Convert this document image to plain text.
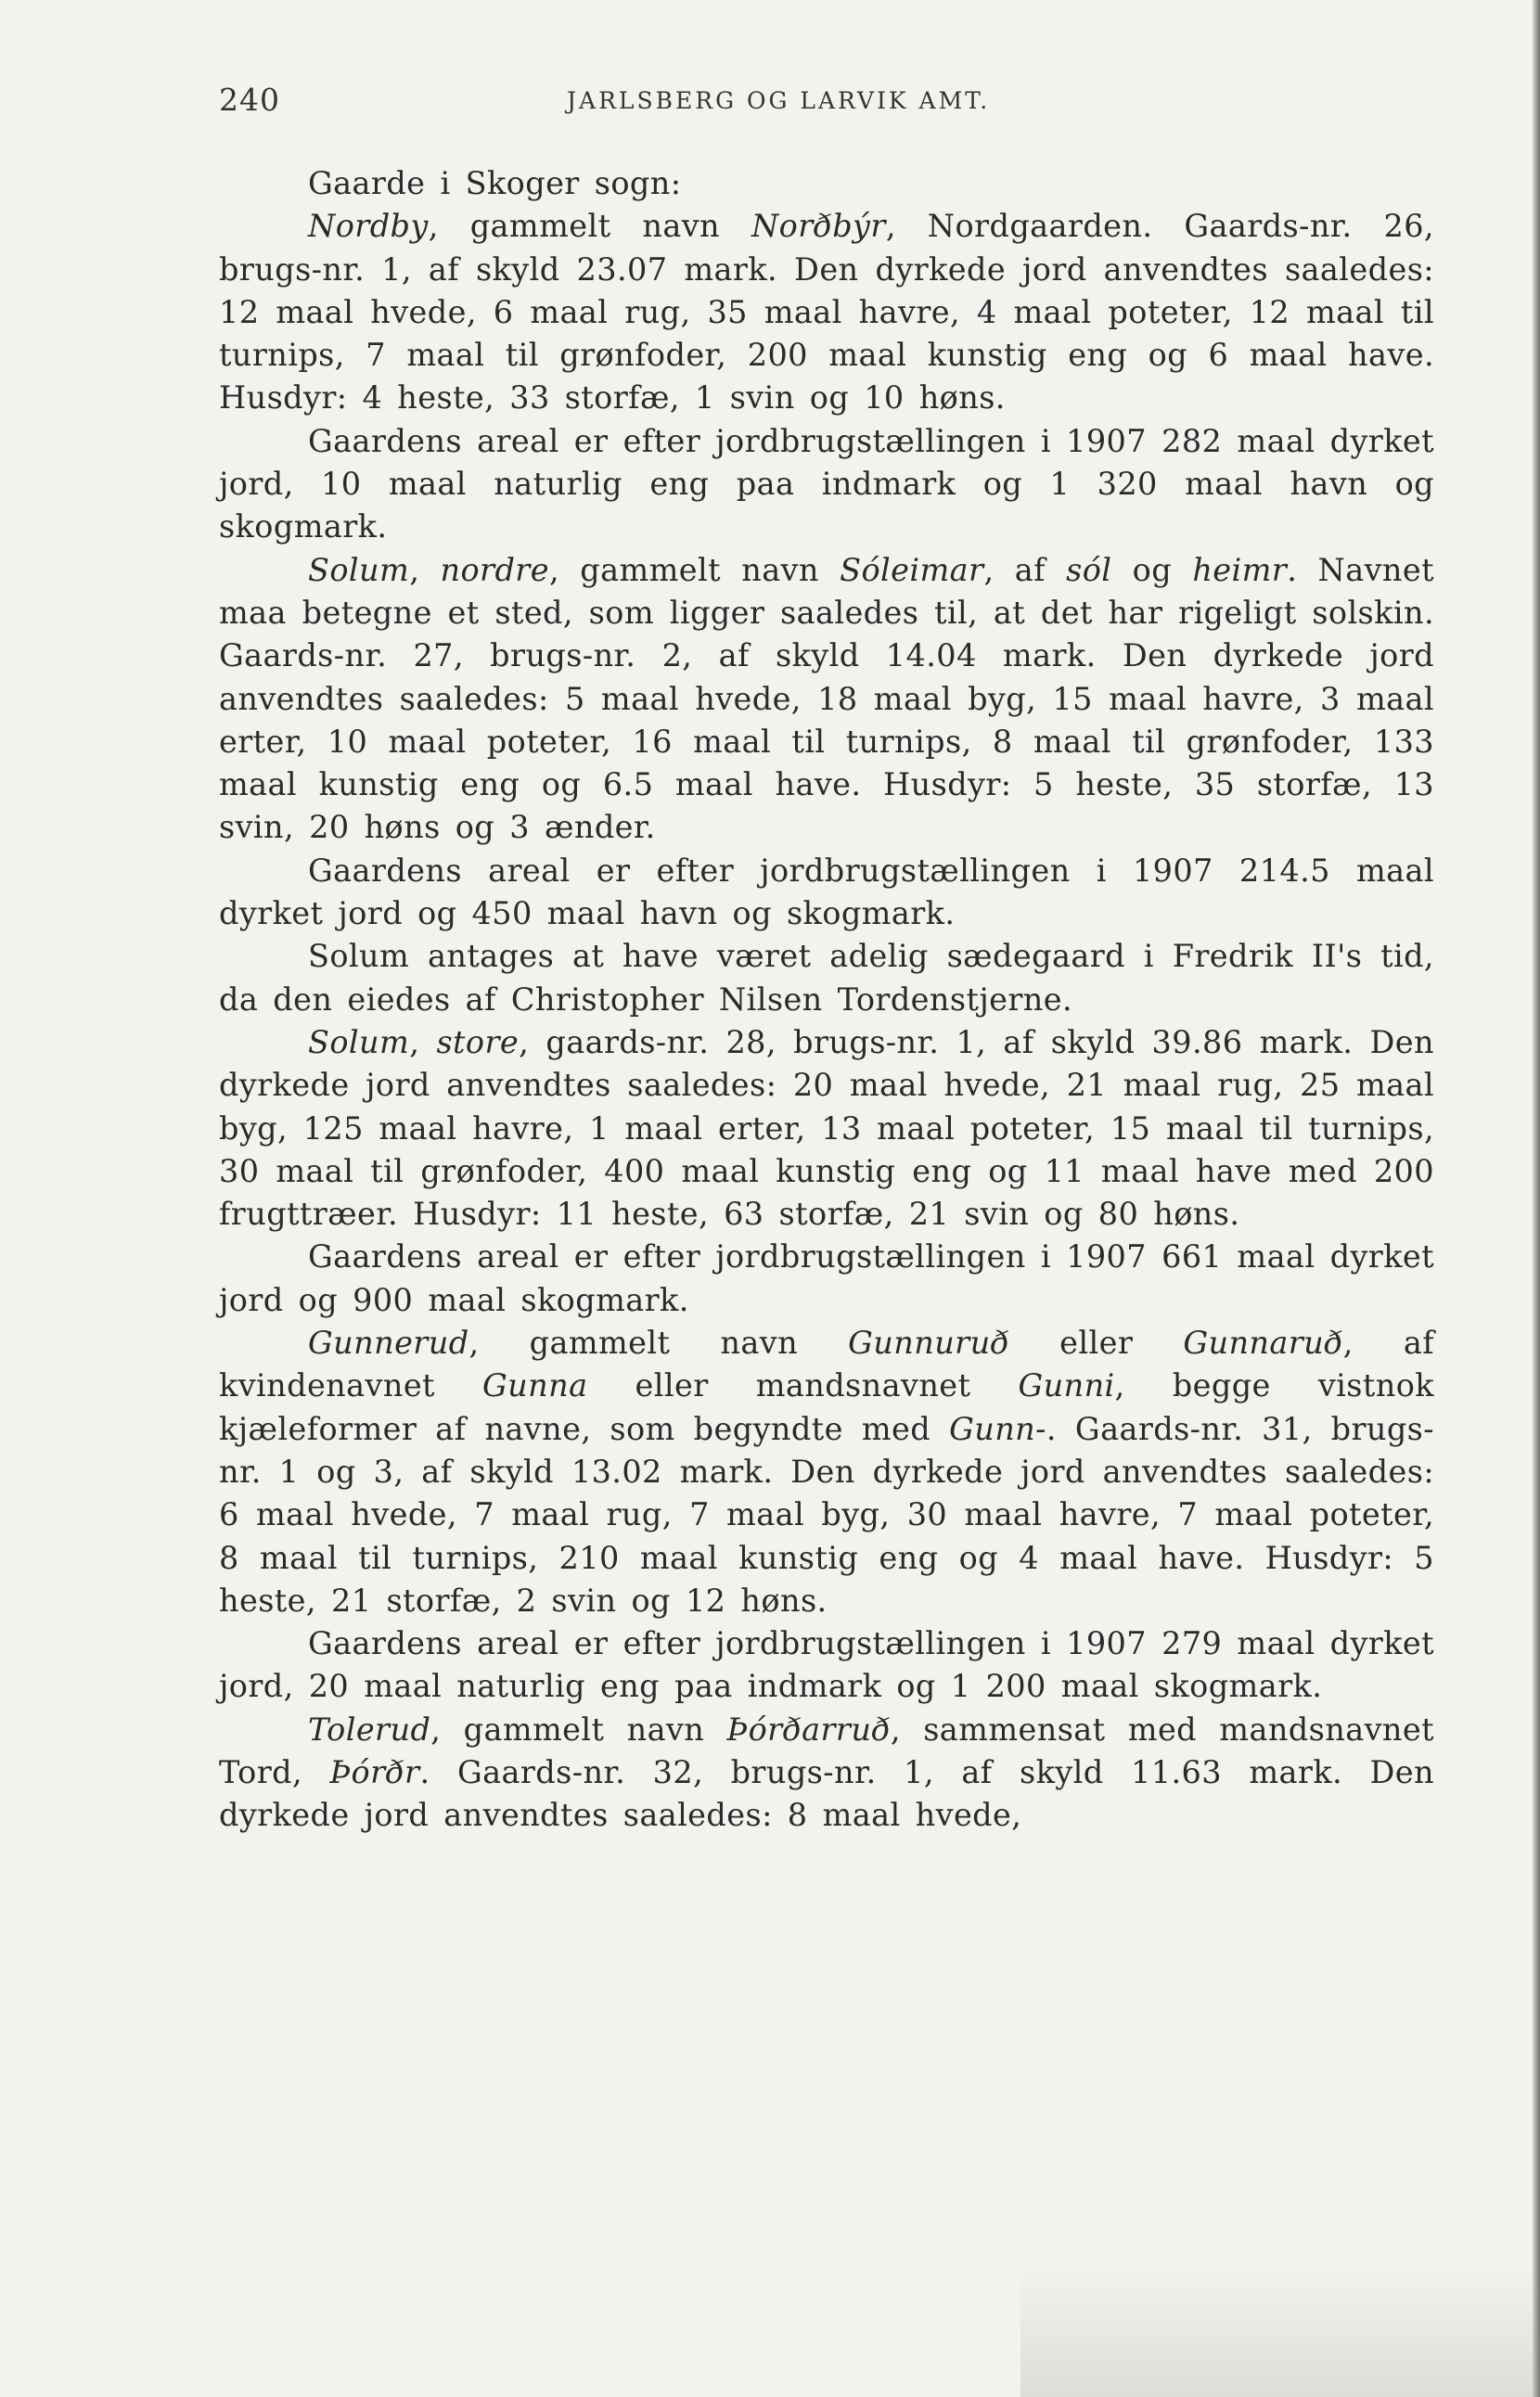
240	JARLSBERG OG LARVIK AMT.

Gaarde i Skoger sogn:

Nordby, gammelt navn Norðbýr, Nordgaarden. Gaards-nr. 26, brugs-nr. 1, af skyld 23.07 mark. Den dyrkede jord anvendtes saaledes: 12 maal hvede, 6 maal rug, 35 maal havre, 4 maal poteter, 12 maal til turnips, 7 maal til grønfoder, 200 maal kunstig eng og 6 maal have. Husdyr: 4 heste, 33 storfæ, 1 svin og 10 høns.

Gaardens areal er efter jordbrugstællingen i 1907 282 maal dyrket jord, 10 maal naturlig eng paa indmark og 1 320 maal havn og skogmark.

Solum, nordre, gammelt navn Sóleimar, af sól og heimr. Navnet maa betegne et sted, som ligger saaledes til, at det har rigeligt solskin. Gaards-nr. 27, brugs-nr. 2, af skyld 14.04 mark. Den dyrkede jord anvendtes saaledes: 5 maal hvede, 18 maal byg, 15 maal havre, 3 maal erter, 10 maal poteter, 16 maal til turnips, 8 maal til grønfoder, 133 maal kunstig eng og 6.5 maal have. Husdyr: 5 heste, 35 storfæ, 13 svin, 20 høns og 3 ænder.

Gaardens areal er efter jordbrugstællingen i 1907 214.5 maal dyrket jord og 450 maal havn og skogmark.

Solum antages at have været adelig sædegaard i Fredrik II's tid, da den eiedes af Christopher Nilsen Tordenstjerne.

Solum, store, gaards-nr. 28, brugs-nr. 1, af skyld 39.86 mark. Den dyrkede jord anvendtes saaledes: 20 maal hvede, 21 maal rug, 25 maal byg, 125 maal havre, 1 maal erter, 13 maal poteter, 15 maal til turnips, 30 maal til grønfoder, 400 maal kunstig eng og 11 maal have med 200 frugttræer. Husdyr: 11 heste, 63 storfæ, 21 svin og 80 høns.

Gaardens areal er efter jordbrugstællingen i 1907 661 maal dyrket jord og 900 maal skogmark.

Gunnerud, gammelt navn Gunnuruð eller Gunnaruð, af kvindenavnet Gunna eller mandsnavnet Gunni, begge vistnok kjæleformer af navne, som begyndte med Gunn-. Gaards-nr. 31, brugs-nr. 1 og 3, af skyld 13.02 mark. Den dyrkede jord anvendtes saaledes: 6 maal hvede, 7 maal rug, 7 maal byg, 30 maal havre, 7 maal poteter, 8 maal til turnips, 210 maal kunstig eng og 4 maal have. Husdyr: 5 heste, 21 storfæ, 2 svin og 12 høns.

Gaardens areal er efter jordbrugstællingen i 1907 279 maal dyrket jord, 20 maal naturlig eng paa indmark og 1 200 maal skogmark.

Tolerud, gammelt navn Þórðarruð, sammensat med mandsnavnet Tord, Þórðr. Gaards-nr. 32, brugs-nr. 1, af skyld 11.63 mark. Den dyrkede jord anvendtes saaledes: 8 maal hvede,
